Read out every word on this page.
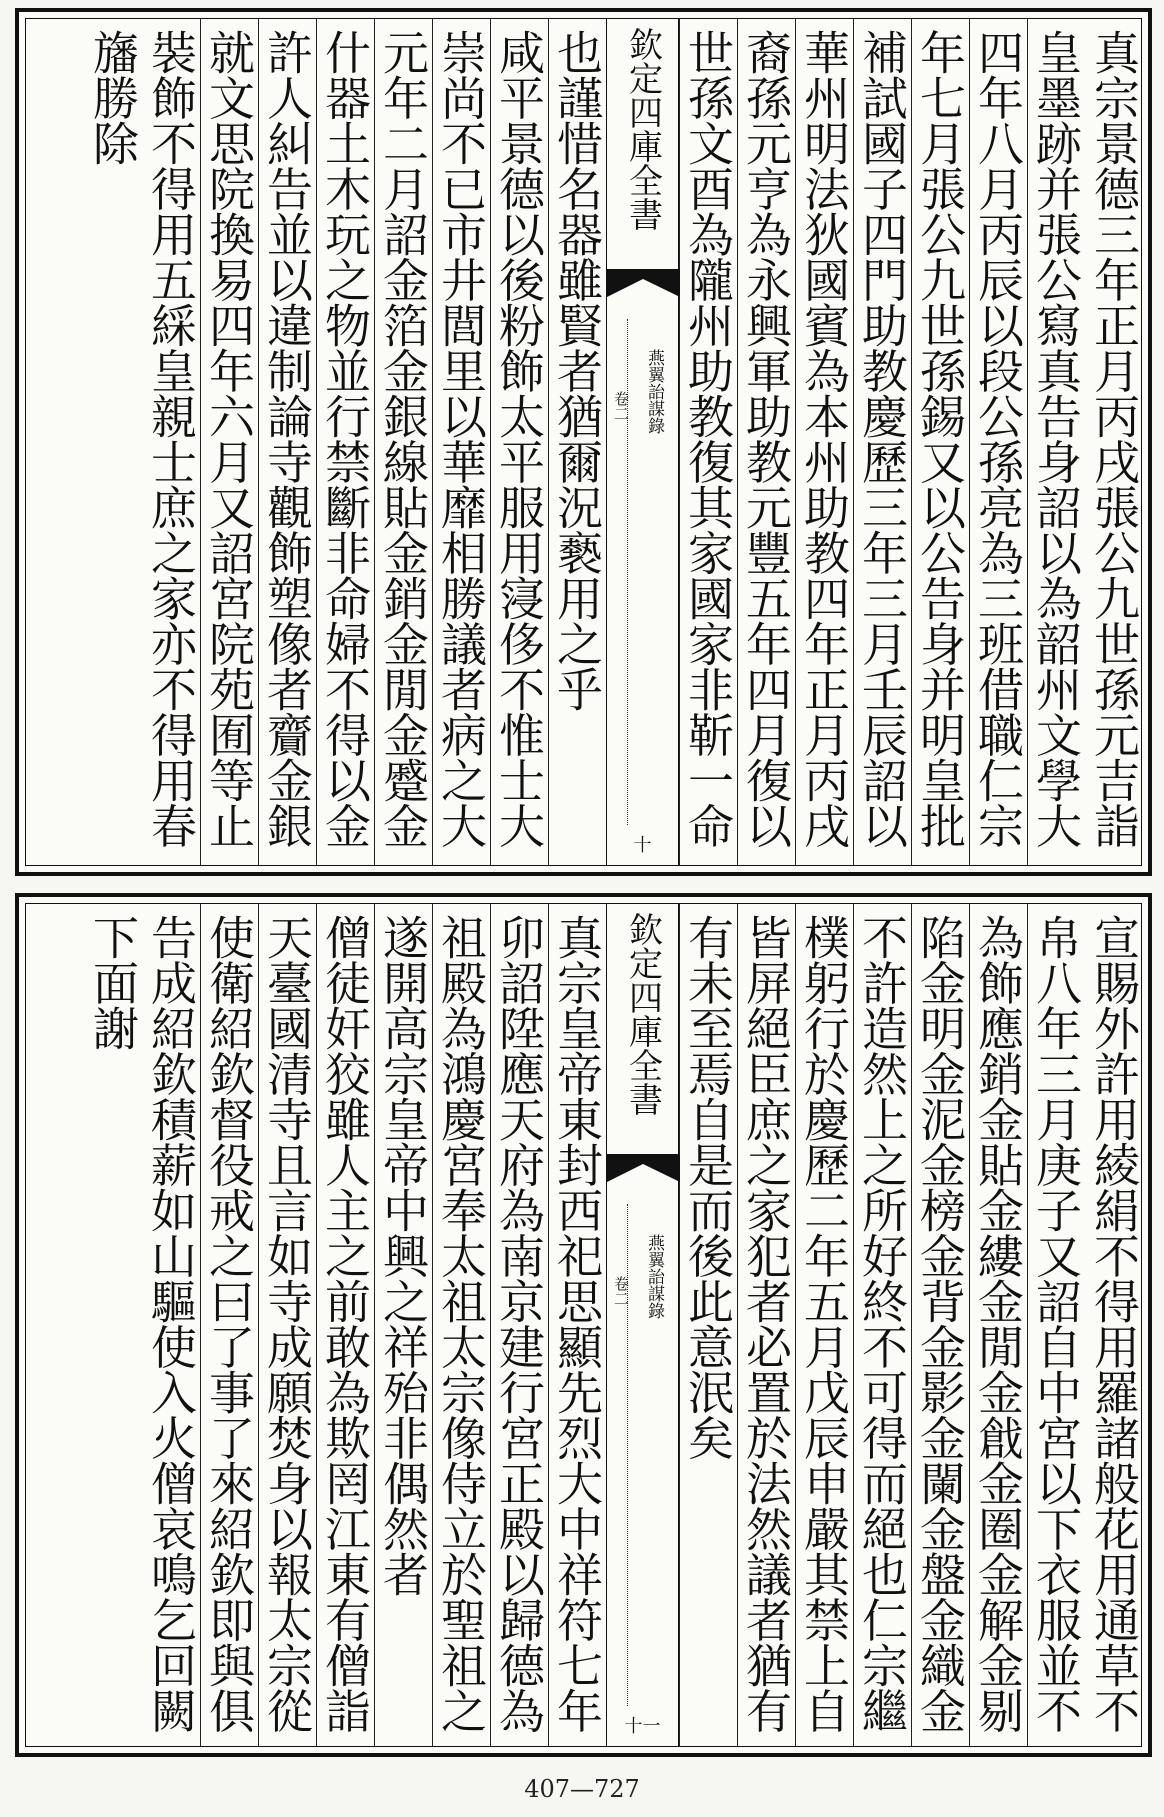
真宗景德三年正月丙戌張公九世孫元吉詣
皇墨跡并張公寫真告身詔以為韶州文學大
四年八月丙辰以段公孫亮為三班借職仁宗
年七月張公九世孫錫又以公告身并明皇批
補試國子四門助教慶歷三年三月壬辰詔以
華州明法狄國賓為本州助教四年正月丙戌
裔孫元亨為永興軍助教元豐五年四月復以
世孫文酉為隴州助教復其家國家非靳一命
欽定四庫全書
燕翼詒謀錄
卷二
十
也謹惜名器雖賢者猶爾況褻用之乎
咸平景德以後粉飾太平服用寖侈不惟士大
崇尚不已市井閭里以華靡相勝議者病之大
元年二月詔金箔金銀線貼金銷金閒金蹙金
什器土木玩之物並行禁斷非命婦不得以金
許人糾告並以違制論寺觀飾塑像者齎金銀
就文思院換易四年六月又詔宮院苑囿等止
裝飾不得用五綵皇親士庶之家亦不得用春旛勝除
宣賜外許用綾絹不得用羅諸般花用通草不
帛八年三月庚子又詔自中宮以下衣服並不
為飾應銷金貼金縷金閒金戧金圈金解金剔
陷金明金泥金榜金背金影金闌金盤金織金
不許造然上之所好終不可得而絕也仁宗繼
樸躬行於慶歷二年五月戊辰申嚴其禁上自
皆屏絕臣庶之家犯者必置於法然議者猶有
有未至焉自是而後此意泯矣
欽定四庫全書
燕翼詒謀錄
卷二
十一
真宗皇帝東封西祀思顯先烈大中祥符七年
卯詔陞應天府為南京建行宮正殿以歸德為
祖殿為鴻慶宮奉太祖太宗像侍立於聖祖之
遂開高宗皇帝中興之祥殆非偶然者
僧徒奸狡雖人主之前敢為欺罔江東有僧詣
天臺國清寺且言如寺成願焚身以報太宗從
使衛紹欽督役戒之曰了事了來紹欽即與俱
告成紹欽積薪如山驅使入火僧哀鳴乞回闕下面謝
407—727
